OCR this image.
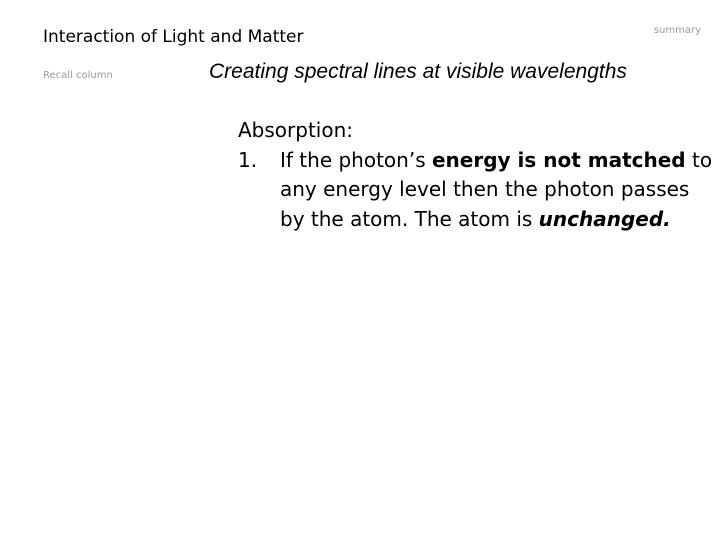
Interaction of Light and Matter	summary
Recall column	Creating spectral lines at visible wavelengths
Absorption:
1.	If the photon’s energy is not matched to any energy level then the photon passes by the atom. The atom is unchanged.
